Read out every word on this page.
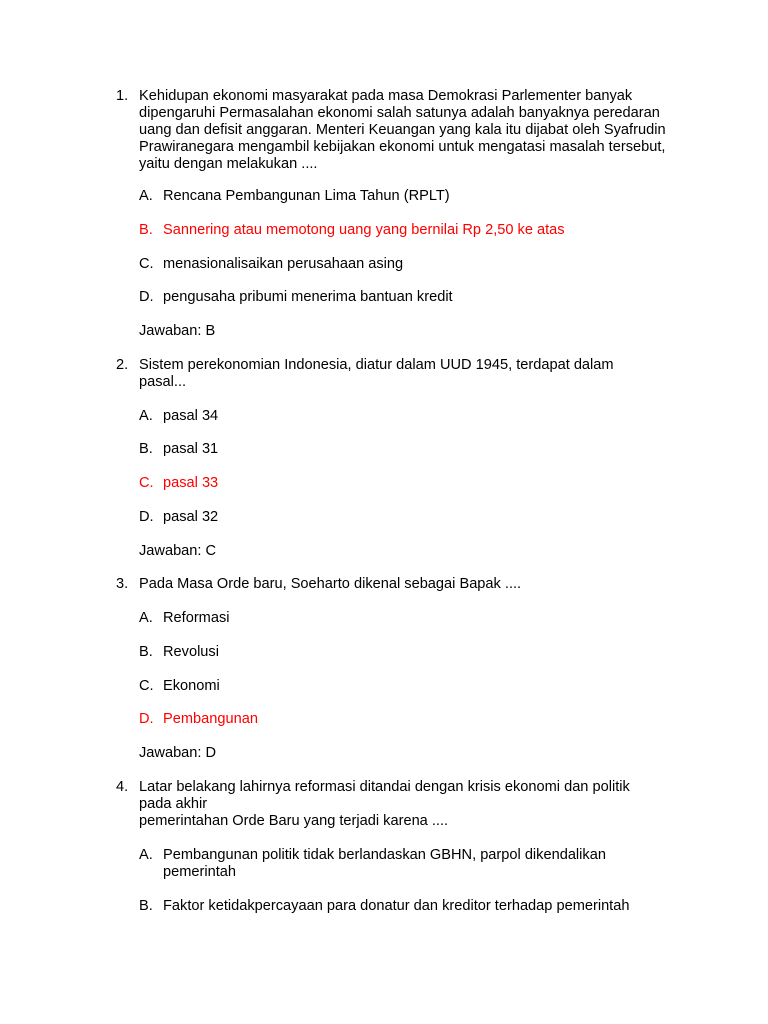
1. Kehidupan ekonomi masyarakat pada masa Demokrasi Parlementer banyak
dipengaruhi Permasalahan ekonomi salah satunya adalah banyaknya peredaran
uang dan defisit anggaran. Menteri Keuangan yang kala itu dijabat oleh Syafrudin
Prawiranegara mengambil kebijakan ekonomi untuk mengatasi masalah tersebut,
yaitu dengan melakukan ....
A. Rencana Pembangunan Lima Tahun (RPLT)
B. Sannering atau memotong uang yang bernilai Rp 2,50 ke atas
C. menasionalisaikan perusahaan asing
D. pengusaha pribumi menerima bantuan kredit
Jawaban: B
2. Sistem perekonomian Indonesia, diatur dalam UUD 1945, terdapat dalam
pasal...
A. pasal 34
B. pasal 31
C. pasal 33
D. pasal 32
Jawaban: C
3. Pada Masa Orde baru, Soeharto dikenal sebagai Bapak ....
A. Reformasi
B. Revolusi
C. Ekonomi
D. Pembangunan
Jawaban: D
4. Latar belakang lahirnya reformasi ditandai dengan krisis ekonomi dan politik
pada akhir
pemerintahan Orde Baru yang terjadi karena ....
A. Pembangunan politik tidak berlandaskan GBHN, parpol dikendalikan
pemerintah
B. Faktor ketidakpercayaan para donatur dan kreditor terhadap pemerintah
